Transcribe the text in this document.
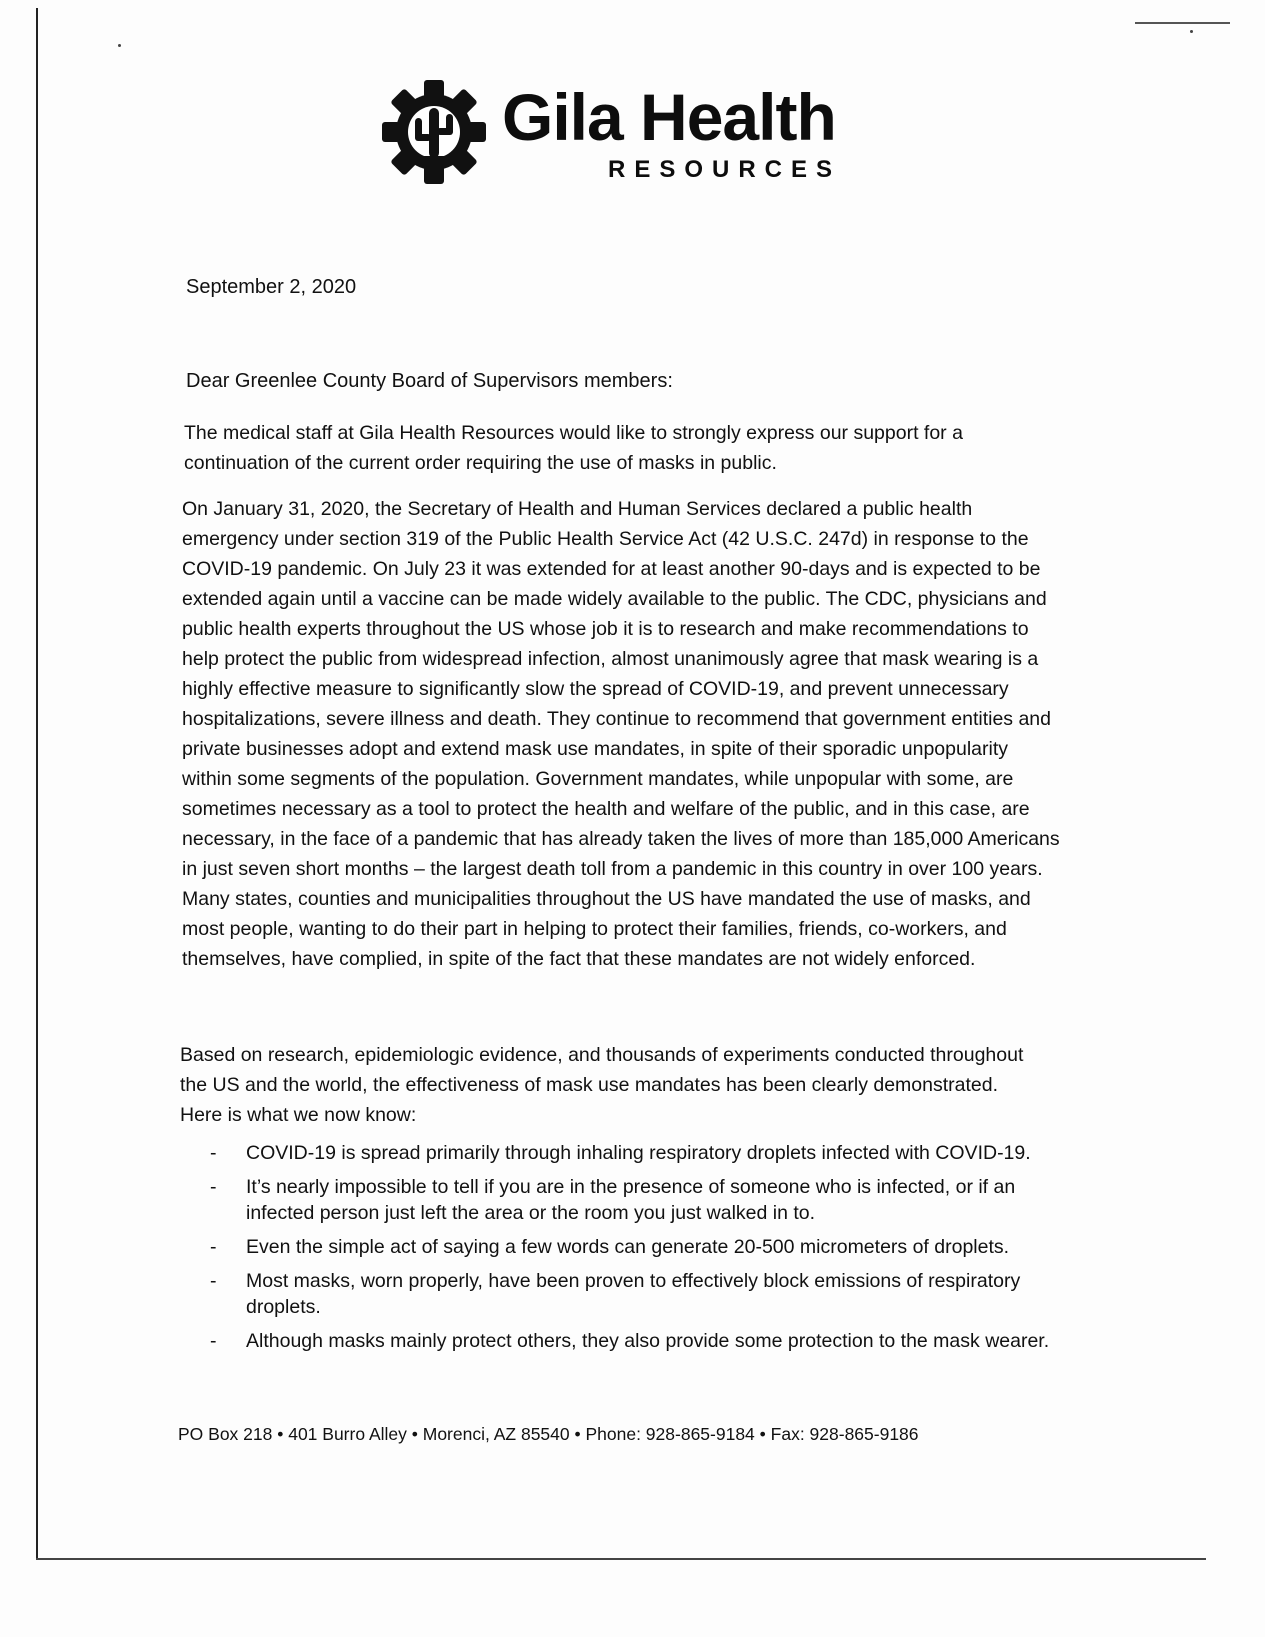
Gila Health
RESOURCES
September 2, 2020
Dear Greenlee County Board of Supervisors members:

The medical staff at Gila Health Resources would like to strongly express our support for a continuation of the current order requiring the use of masks in public.

On January 31, 2020, the Secretary of Health and Human Services declared a public health emergency under section 319 of the Public Health Service Act (42 U.S.C. 247d) in response to the COVID-19 pandemic. On July 23 it was extended for at least another 90-days and is expected to be extended again until a vaccine can be made widely available to the public. The CDC, physicians and public health experts throughout the US whose job it is to research and make recommendations to help protect the public from widespread infection, almost unanimously agree that mask wearing is a highly effective measure to significantly slow the spread of COVID-19, and prevent unnecessary hospitalizations, severe illness and death. They continue to recommend that government entities and private businesses adopt and extend mask use mandates, in spite of their sporadic unpopularity within some segments of the population. Government mandates, while unpopular with some, are sometimes necessary as a tool to protect the health and welfare of the public, and in this case, are necessary, in the face of a pandemic that has already taken the lives of more than 185,000 Americans in just seven short months – the largest death toll from a pandemic in this country in over 100 years. Many states, counties and municipalities throughout the US have mandated the use of masks, and most people, wanting to do their part in helping to protect their families, friends, co-workers, and themselves, have complied, in spite of the fact that these mandates are not widely enforced.

Based on research, epidemiologic evidence, and thousands of experiments conducted throughout the US and the world, the effectiveness of mask use mandates has been clearly demonstrated. Here is what we now know:

- COVID-19 is spread primarily through inhaling respiratory droplets infected with COVID-19.
- It’s nearly impossible to tell if you are in the presence of someone who is infected, or if an infected person just left the area or the room you just walked in to.
- Even the simple act of saying a few words can generate 20-500 micrometers of droplets.
- Most masks, worn properly, have been proven to effectively block emissions of respiratory droplets.
- Although masks mainly protect others, they also provide some protection to the mask wearer.
PO Box 218 • 401 Burro Alley • Morenci, AZ 85540 • Phone: 928-865-9184 • Fax: 928-865-9186
